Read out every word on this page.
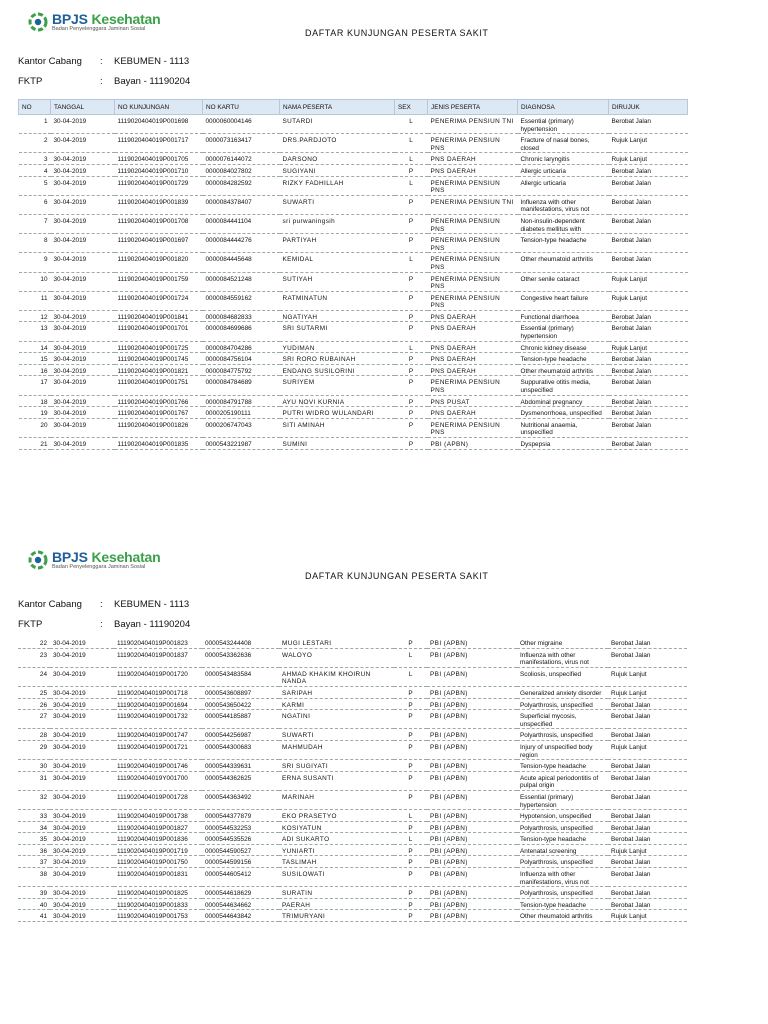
BPJS Kesehatan
Badan Penyelenggara Jaminan Sosial	DAFTAR KUNJUNGAN PESERTA SAKIT
Kantor Cabang : KEBUMEN - 1113
FKTP	: Bayan - 11190204
NO	TANGGAL	NO KUNJUNGAN	NO KARTU	NAMA PESERTA	SEX	JENIS PESERTA	DIAGNOSA	DIRUJUK
1	30-04-2019	1119020404019P001698	0000060004146	SUTARDI	L	PENERIMA PENSIUN TNI	Essential (primary) hypertension	Berobat Jalan
2	30-04-2019	1119020404019P001717	0000073163417	DRS.PARDJOTO	L	PENERIMA PENSIUN PNS	Fracture of nasal bones, closed	Rujuk Lanjut
3	30-04-2019	1119020404019P001705	0000076144072	DARSONO	L	PNS DAERAH	Chronic laryngitis	Rujuk Lanjut
4	30-04-2019	1119020404019P001710	0000084027802	SUGIYANI	P	PNS DAERAH	Allergic urticaria	Berobat Jalan
5	30-04-2019	1119020404019P001729	0000084282592	RIZKY FADHILLAH	L	PENERIMA PENSIUN PNS	Allergic urticaria	Berobat Jalan
6	30-04-2019	1119020404019P001839	0000084378407	SUWARTI	P	PENERIMA PENSIUN TNI	Influenza with other manifestations, virus not	Berobat Jalan
7	30-04-2019	1119020404019P001708	0000084441104	sri purwaningsih	P	PENERIMA PENSIUN PNS	Non-insulin-dependent diabetes mellitus with	Berobat Jalan
8	30-04-2019	1119020404019P001697	0000084444276	PARTIYAH	P	PENERIMA PENSIUN PNS	Tension-type headache	Berobat Jalan
9	30-04-2019	1119020404019P001820	0000084445648	KEMIDAL	L	PENERIMA PENSIUN PNS	Other rheumatoid arthritis	Berobat Jalan
10	30-04-2019	1119020404019P001759	0000084521248	SUTIYAH	P	PENERIMA PENSIUN PNS	Other senile cataract	Rujuk Lanjut
11	30-04-2019	1119020404019P001724	0000084559162	RATMINATUN	P	PENERIMA PENSIUN PNS	Congestive heart failure	Rujuk Lanjut
12	30-04-2019	1119020404019P001841	0000084682833	NGATIYAH	P	PNS DAERAH	Functional diarrhoea	Berobat Jalan
13	30-04-2019	1119020404019P001701	0000084699686	SRI SUTARMI	P	PNS DAERAH	Essential (primary) hypertension	Berobat Jalan
14	30-04-2019	1119020404019P001725	0000084704286	YUDIMAN	L	PNS DAERAH	Chronic kidney disease	Rujuk Lanjut
15	30-04-2019	1119020404019P001745	0000084756104	SRI RORO RUBAINAH	P	PNS DAERAH	Tension-type headache	Berobat Jalan
16	30-04-2019	1119020404019P001821	0000084775792	ENDANG SUSILORINI	P	PNS DAERAH	Other rheumatoid arthritis	Berobat Jalan
17	30-04-2019	1119020404019P001751	0000084784689	SURIYEM	P	PENERIMA PENSIUN PNS	Suppurative otitis media, unspecified	Berobat Jalan
18	30-04-2019	1119020404019P001766	0000084791788	AYU NOVI KURNIA	P	PNS PUSAT	Abdominal pregnancy	Berobat Jalan
19	30-04-2019	1119020404019P001767	0000205190111	PUTRI WIDRO WULANDARI	P	PNS DAERAH	Dysmenorrhoea, unspecified	Berobat Jalan
20	30-04-2019	1119020404019P001826	0000206747043	SITI AMINAH	P	PENERIMA PENSIUN PNS	Nutritional anaemia, unspecified	Berobat Jalan
21	30-04-2019	1119020404019P001835	0000543221987	SUMINI	P	PBI (APBN)	Dyspepsia	Berobat Jalan
BPJS Kesehatan
Badan Penyelenggara Jaminan Sosial
DAFTAR KUNJUNGAN PESERTA SAKIT
Kantor Cabang : KEBUMEN - 1113
FKTP	: Bayan - 11190204
22	30-04-2019	1119020404019P001823	0000543244408	MUGI LESTARI	P	PBI (APBN)	Other migraine	Berobat Jalan
23	30-04-2019	1119020404019P001837	0000543362636	WALOYO	L	PBI (APBN)	Influenza with other manifestations, virus not	Berobat Jalan
24	30-04-2019	1119020404019P001720	0000543483584	AHMAD KHAKIM KHOIRUN NANDA	L	PBI (APBN)	Scoliosis, unspecified	Rujuk Lanjut
25	30-04-2019	1119020404019P001718	0000543608897	SARIPAH	P	PBI (APBN)	Generalized anxiety disorder	Rujuk Lanjut
26	30-04-2019	1119020404019P001694	0000543650422	KARMI	P	PBI (APBN)	Polyarthrosis, unspecified	Berobat Jalan
27	30-04-2019	1119020404019P001732	0000544185887	NGATINI	P	PBI (APBN)	Superficial mycosis, unspecified	Berobat Jalan
28	30-04-2019	1119020404019P001747	0000544256987	SUWARTI	P	PBI (APBN)	Polyarthrosis, unspecified	Berobat Jalan
29	30-04-2019	1119020404019P001721	0000544300683	MAHMUDAH	P	PBI (APBN)	Injury of unspecified body region	Rujuk Lanjut
30	30-04-2019	1119020404019P001746	0000544339631	SRI SUGIYATI	P	PBI (APBN)	Tension-type headache	Berobat Jalan
31	30-04-2019	1119020404019Y001700	0000544362625	ERNA SUSANTI	P	PBI (APBN)	Acute apical periodontitis of pulpal origin	Berobat Jalan
32	30-04-2019	1119020404019P001728	0000544363492	MARINAH	P	PBI (APBN)	Essential (primary) hypertension	Berobat Jalan
33	30-04-2019	1119020404019P001738	0000544377879	EKO PRASETYO	L	PBI (APBN)	Hypotension, unspecified	Berobat Jalan
34	30-04-2019	1119020404019P001827	0000544532253	KOSIYATUN	P	PBI (APBN)	Polyarthrosis, unspecified	Berobat Jalan
35	30-04-2019	1119020404019P001836	0000544535526	ADI SUKARTO	L	PBI (APBN)	Tension-type headache	Berobat Jalan
36	30-04-2019	1119020404019P001719	0000544590527	YUNIARTI	P	PBI (APBN)	Antenatal screening	Rujuk Lanjut
37	30-04-2019	1119020404019P001750	0000544599156	TASLIMAH	P	PBI (APBN)	Polyarthrosis, unspecified	Berobat Jalan
38	30-04-2019	1119020404019P001831	0000544605412	SUSILOWATI	P	PBI (APBN)	Influenza with other manifestations, virus not	Berobat Jalan
39	30-04-2019	1119020404019P001825	0000544618629	SURATIN	P	PBI (APBN)	Polyarthrosis, unspecified	Berobat Jalan
40	30-04-2019	1119020404019P001833	0000544634662	PAERAH	P	PBI (APBN)	Tension-type headache	Berobat Jalan
41	30-04-2019	1119020404019P001753	0000544643842	TRIMURYANI	P	PBI (APBN)	Other rheumatoid arthritis	Rujuk Lanjut
